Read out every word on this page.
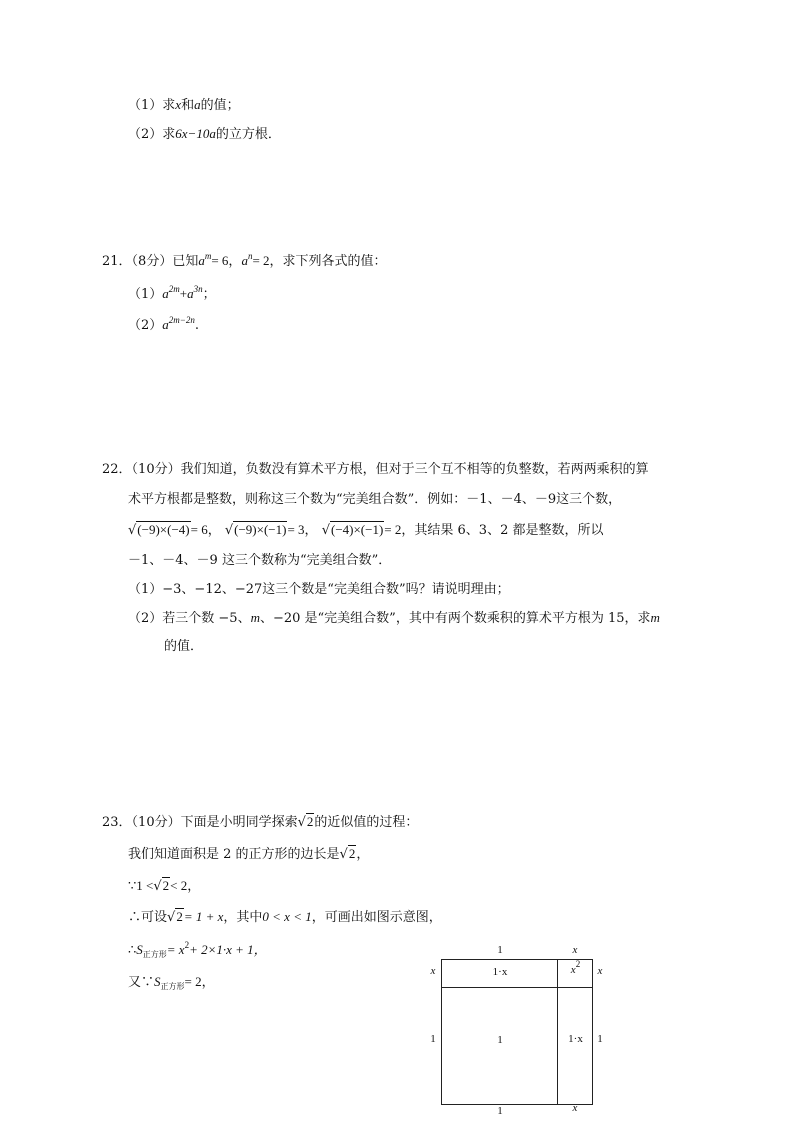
（1）求x和a的值；
（2）求6x−10a的立方根．
21．（8分）已知$a^m= 6$，$a^n= 2$，求下列各式的值：
$(1)a^{2m}+a^{3n}$；
$(2)a^{2m-2n}$.
22．（10分）我们知道，负数没有算术平方根，但对于三个互不相等的负整数，若两两乘积的算
术平方根都是整数，则称这三个数为“完美组合数”．例如：－1、－4、－9这三个数，
√(−9)×(−4)= 6， √(−9)×(−1)= 3， √(−4)×(−1)= 2，其结果 6、3、2 都是整数，所以
－1、－4、－9 这三个数称为“完美组合数”．
（1）−3、−12、−27这三个数是“完美组合数”吗？请说明理由；
（2）若三个数 −5、m、−20 是“完美组合数”，其中有两个数乘积的算术平方根为 15，求m
的值．
23．（10分）下面是小明同学探索√2的近似值的过程：
我们知道面积是 2 的正方形的边长是√2，
∵1 <√2< 2，
∴可设√2= 1 + x，其中0 < x < 1，可画出如图示意图，
$\therefore S_{正方形}= x^2+ 2\times 1\cdot x + 1$，
又$\because S_{正方形}= 2$，
1	x
x
1
x
1
1	x
1·x	$x^2$
1	1·x
